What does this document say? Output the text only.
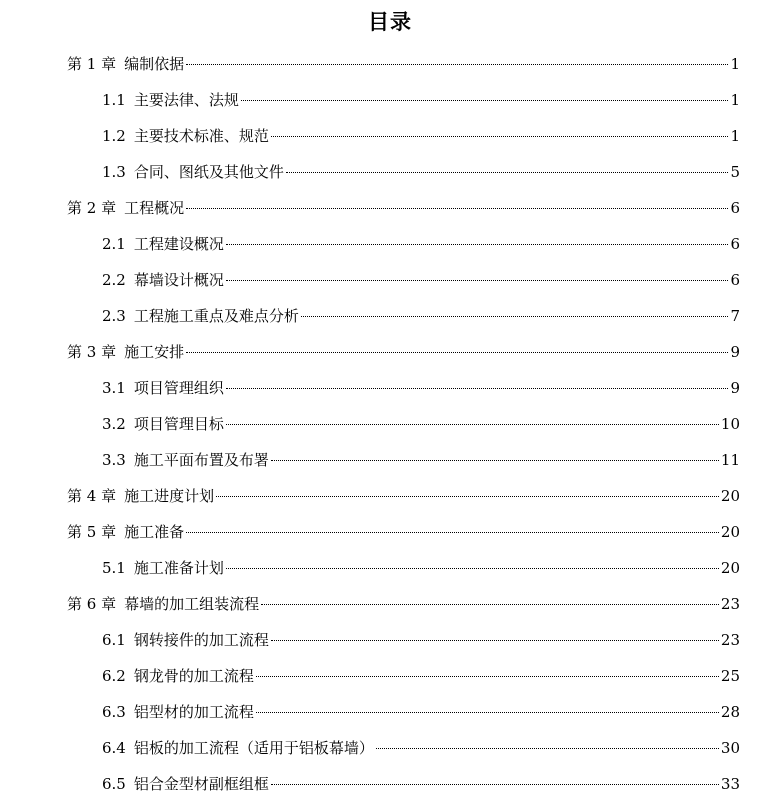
目录
第 1 章 编制依据	1
1.1 主要法律、法规	1
1.2 主要技术标准、规范	1
1.3 合同、图纸及其他文件	5
第 2 章 工程概况	6
2.1 工程建设概况	6
2.2 幕墙设计概况	6
2.3 工程施工重点及难点分析	7
第 3 章 施工安排	9
3.1 项目管理组织	9
3.2 项目管理目标	10
3.3 施工平面布置及布署	11
第 4 章 施工进度计划	20
第 5 章 施工准备	20
5.1 施工准备计划	20
第 6 章 幕墙的加工组装流程	23
6.1 钢转接件的加工流程	23
6.2 钢龙骨的加工流程	25
6.3 铝型材的加工流程	28
6.4 铝板的加工流程（适用于铝板幕墙）	30
6.5 铝合金型材副框组框	33
